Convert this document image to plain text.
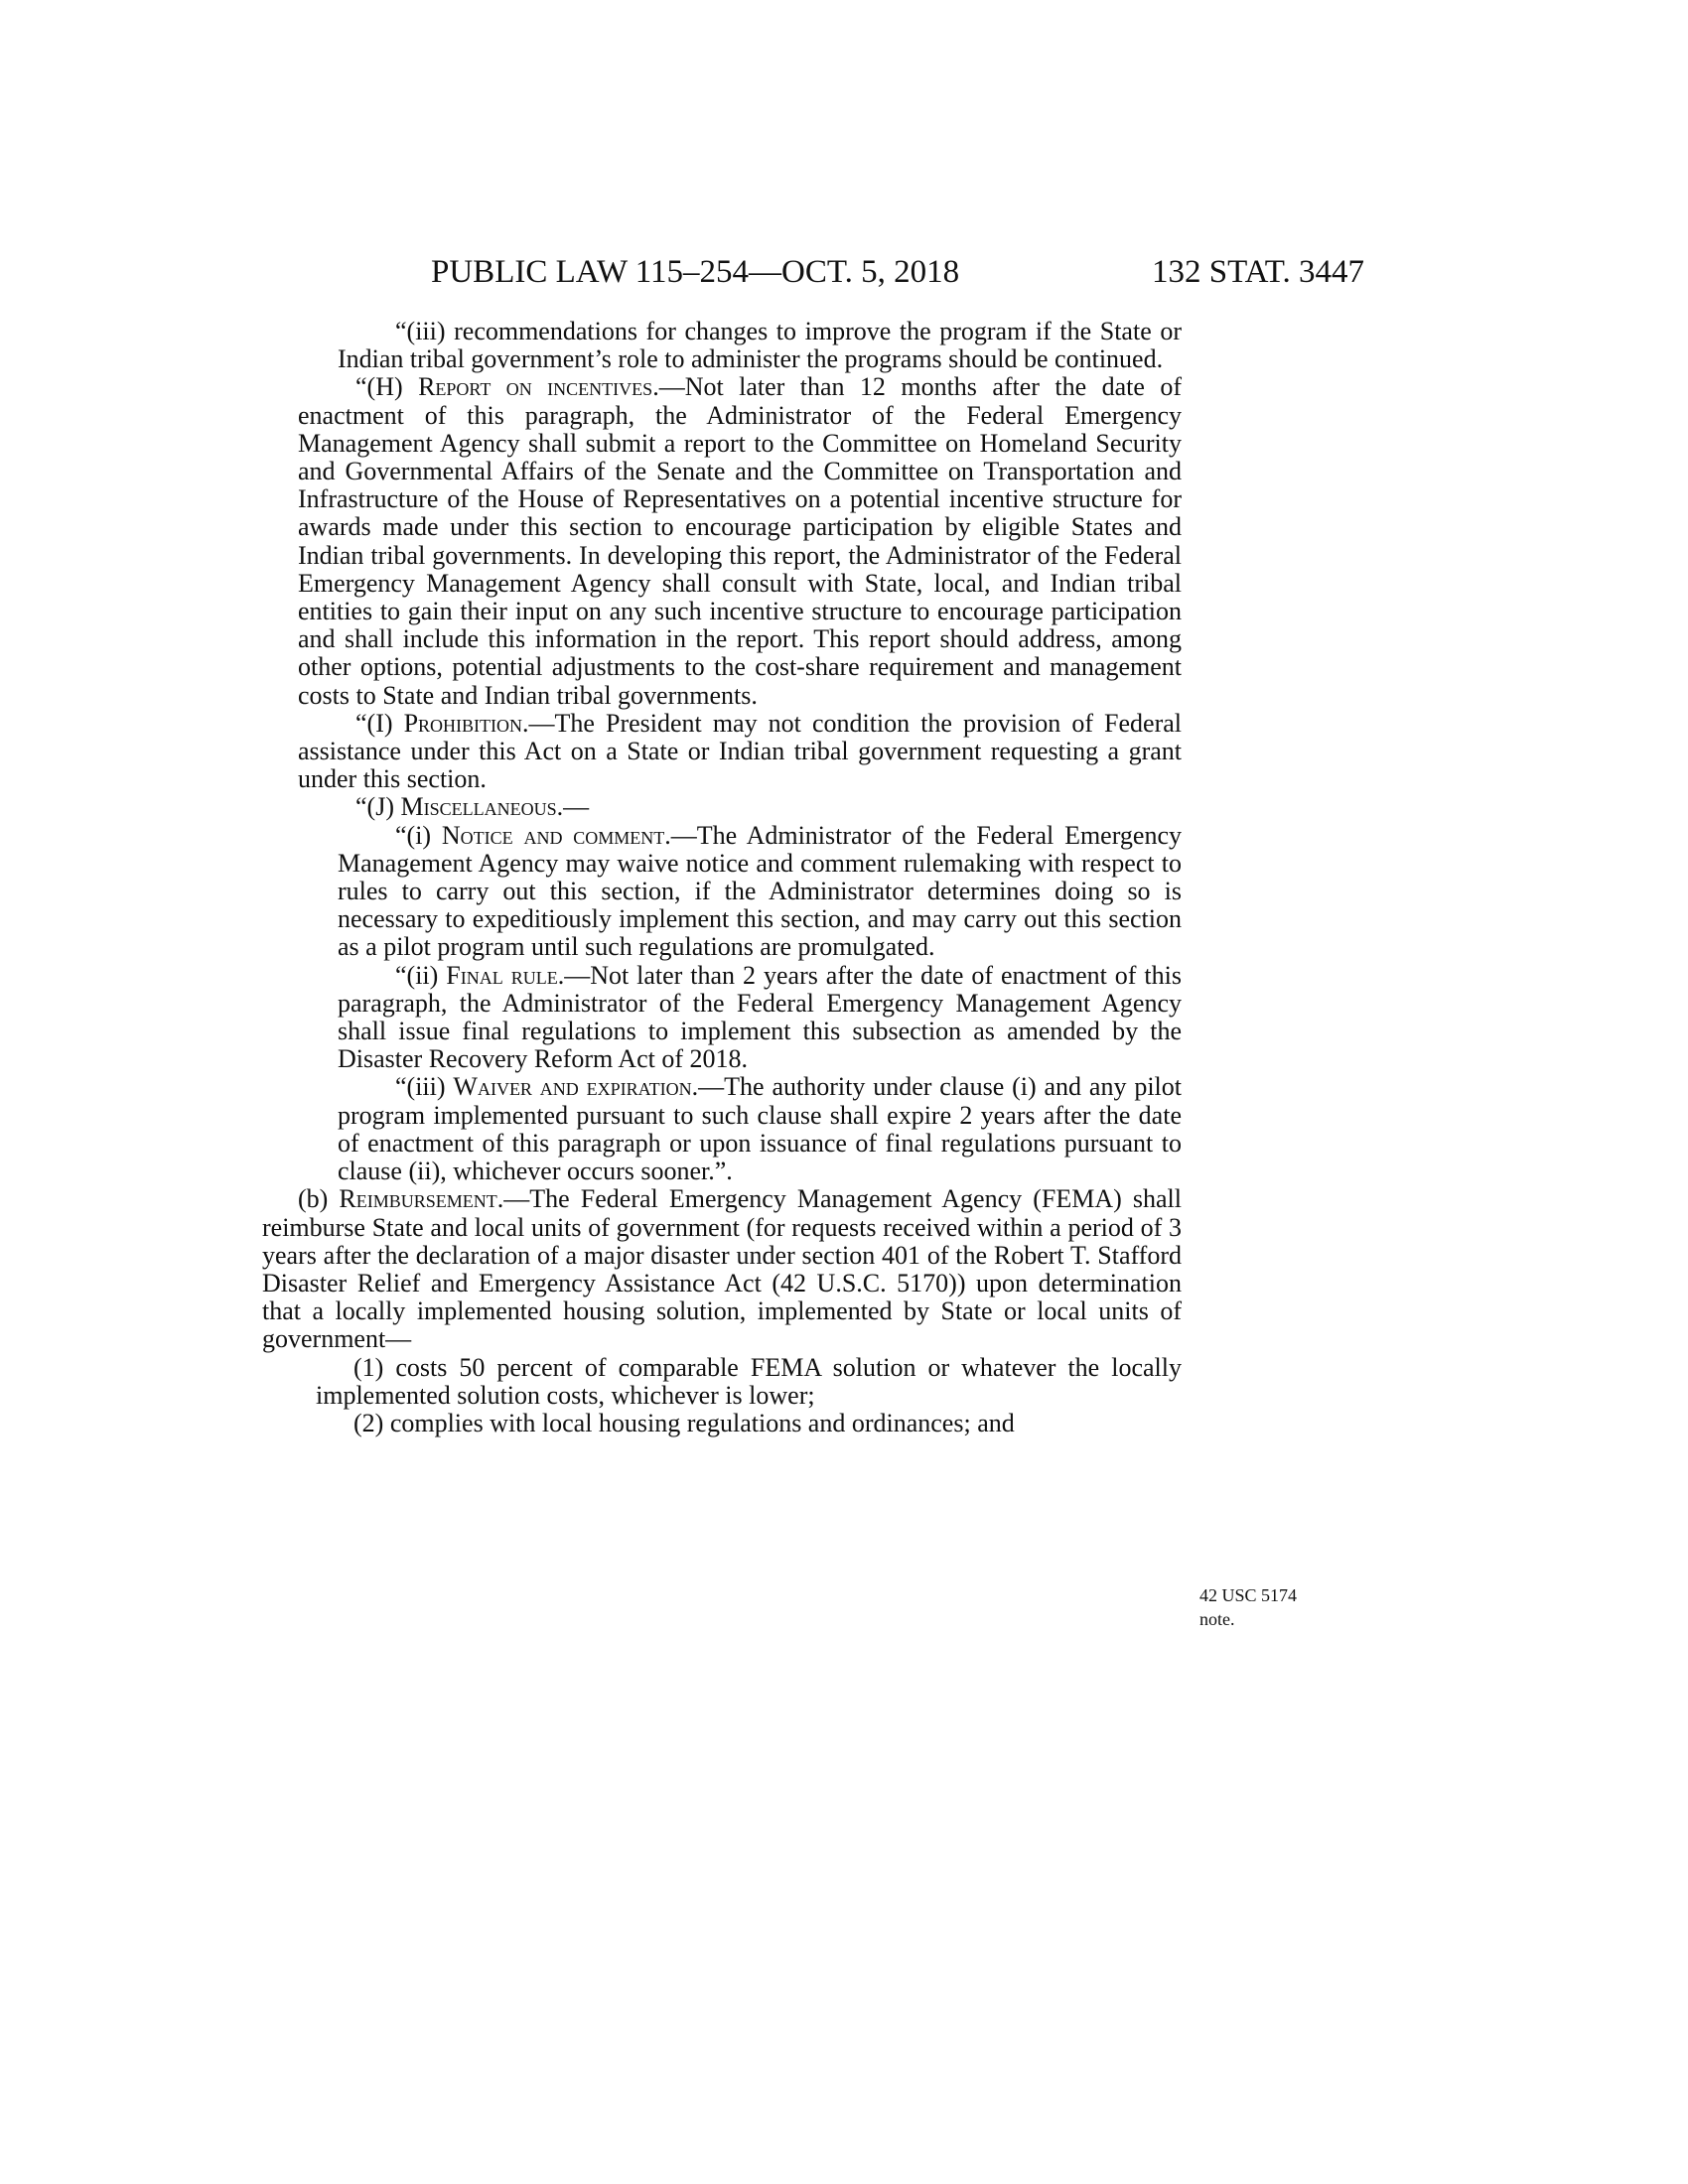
PUBLIC LAW 115–254—OCT. 5, 2018	132 STAT. 3447

“(iii) recommendations for changes to improve the program if the State or Indian tribal government’s role to administer the programs should be continued.

“(H) Report on incentives.—Not later than 12 months after the date of enactment of this paragraph, the Administrator of the Federal Emergency Management Agency shall submit a report to the Committee on Homeland Security and Governmental Affairs of the Senate and the Committee on Transportation and Infrastructure of the House of Representatives on a potential incentive structure for awards made under this section to encourage participation by eligible States and Indian tribal governments. In developing this report, the Administrator of the Federal Emergency Management Agency shall consult with State, local, and Indian tribal entities to gain their input on any such incentive structure to encourage participation and shall include this information in the report. This report should address, among other options, potential adjustments to the cost-share requirement and management costs to State and Indian tribal governments.

“(I) Prohibition.—The President may not condition the provision of Federal assistance under this Act on a State or Indian tribal government requesting a grant under this section.

“(J) Miscellaneous.—

“(i) Notice and comment.—The Administrator of the Federal Emergency Management Agency may waive notice and comment rulemaking with respect to rules to carry out this section, if the Administrator determines doing so is necessary to expeditiously implement this section, and may carry out this section as a pilot program until such regulations are promulgated.

“(ii) Final rule.—Not later than 2 years after the date of enactment of this paragraph, the Administrator of the Federal Emergency Management Agency shall issue final regulations to implement this subsection as amended by the Disaster Recovery Reform Act of 2018.

“(iii) Waiver and expiration.—The authority under clause (i) and any pilot program implemented pursuant to such clause shall expire 2 years after the date of enactment of this paragraph or upon issuance of final regulations pursuant to clause (ii), whichever occurs sooner.”.

(b) Reimbursement.—The Federal Emergency Management Agency (FEMA) shall reimburse State and local units of government (for requests received within a period of 3 years after the declaration of a major disaster under section 401 of the Robert T. Stafford Disaster Relief and Emergency Assistance Act (42 U.S.C. 5170)) upon determination that a locally implemented housing solution, implemented by State or local units of government—

(1) costs 50 percent of comparable FEMA solution or whatever the locally implemented solution costs, whichever is lower;

(2) complies with local housing regulations and ordinances; and

42 USC 5174
note.
